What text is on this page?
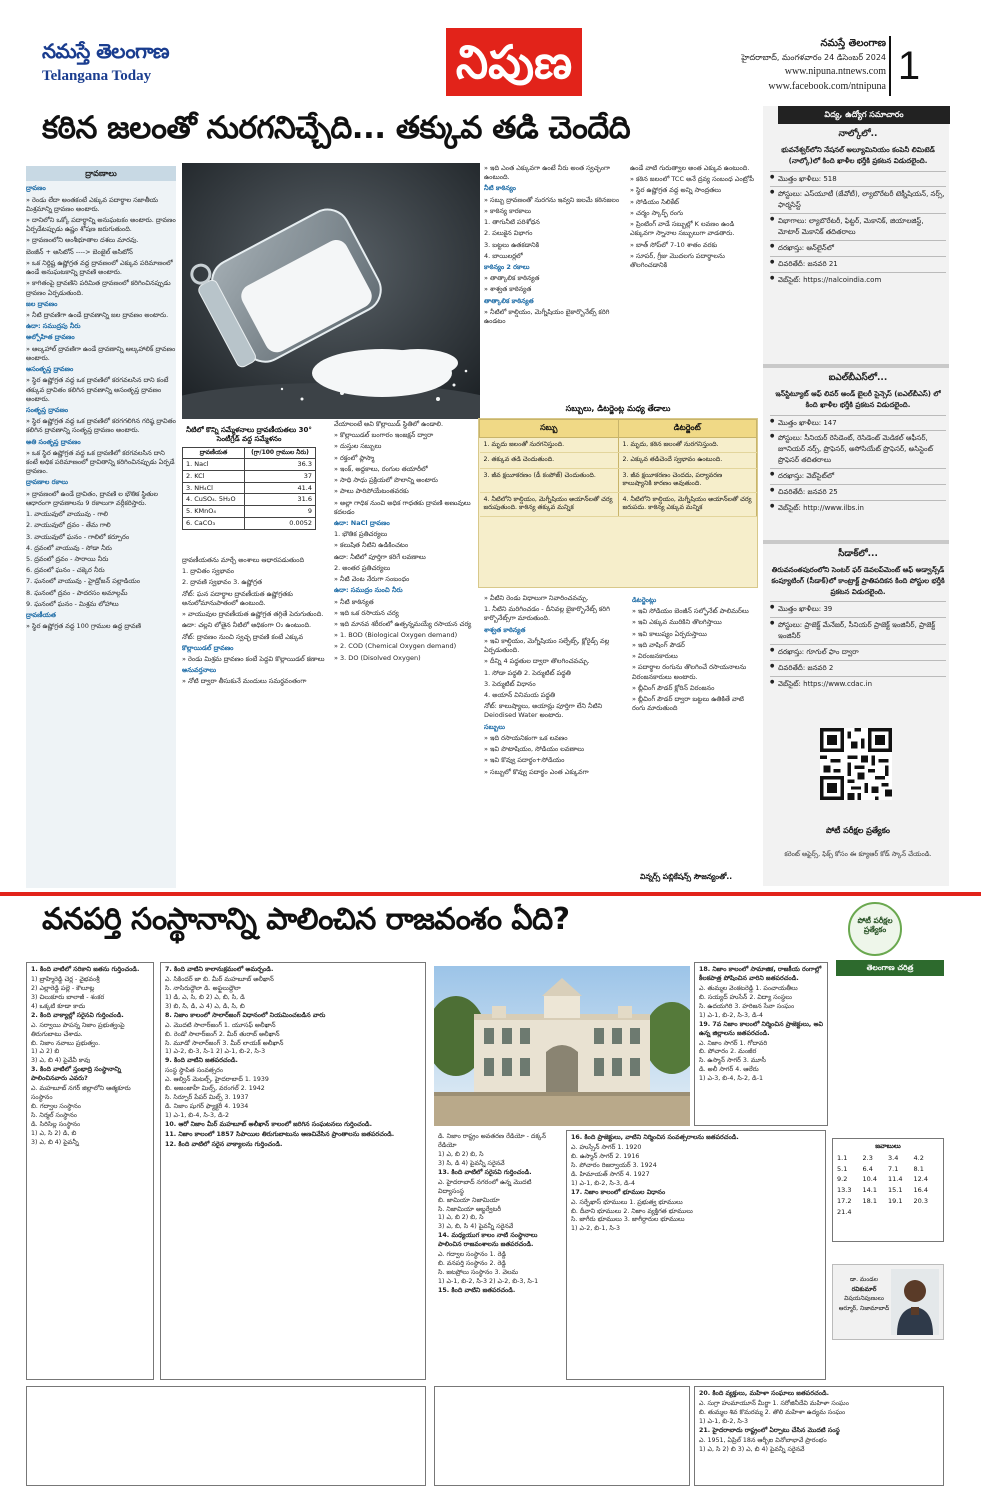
నమస్తే తెలంగాణ
Telangana Today	నిపుణ	నమస్తే తెలంగాణ
హైదరాబాద్, మంగళవారం 24 డిసెంబర్ 2024
www.nipuna.ntnews.com
www.facebook.com/ntnipuna 1
కఠిన జలంతో నురగనిచ్చేది... తక్కువ తడి చెందేది
ద్రావణాలు

ద్రావణం

» రెండు లేదా అంతకంటే ఎక్కువ పదార్థాల సజాతీయ మిశ్రమాన్ని ద్రావణం అంటారు.

» దానిలోని ఒక్కో పదార్థాన్ని అనుఘటకం అంటారు. ద్రావణం ఏర్పడేటప్పుడు ఉష్ణం శోషణ జరుగుతుంది.

» ద్రావణంలోని అంశీభూతాల దశలు మారవు.

బెంజీన్ + అసిటోన్ ----> బెంజైల్ అసిటోన్

» ఒక నిర్దిష్ట ఉష్ణోగ్రత వద్ద ద్రావణంలో ఎక్కువ పరిమాణంలో ఉండే అనుఘటకాన్ని ద్రావణి అంటారు.

» కాగితంపై ద్రావణిని పరిమిత ద్రావణంలో కరిగించినప్పుడు ద్రావణం ఏర్పడుతుంది.

జల ద్రావణం

» నీటి ద్రావణిగా ఉండే ద్రావణాన్ని జల ద్రావణం అంటారు.

ఉదా: సముద్రపు నీరు

అల్పోహిత ద్రావణం

» ఆల్కహాల్ ద్రావణిగా ఉండే ద్రావణాన్ని ఆల్కహాలిక్ ద్రావణం అంటారు.

అసంతృప్త ద్రావణం

» స్థిర ఉష్ణోగ్రత వద్ద ఒక ద్రావణిలో కరగవలసిన దాని కంటే తక్కువ ద్రావితం కలిగిన ద్రావణాన్ని అసంతృప్త ద్రావణం అంటారు.

సంతృప్త ద్రావణం

» స్థిర ఉష్ణోగ్రత వద్ద ఒక ద్రావణిలో కరగగలిగిన గరిష్ఠ ద్రావితం కలిగిన ద్రావణాన్ని సంతృప్త ద్రావణం అంటారు.

అతి సంతృప్త ద్రావణం

» ఒక స్థిర ఉష్ణోగ్రత వద్ద ఒక ద్రావణిలో కరగవలసిన దాని కంటే అధిక పరిమాణంలో ద్రావితాన్ని కరిగించినప్పుడు ఏర్పడే ద్రావణం.

ద్రావణాల రకాలు

» ద్రావణంలో ఉండే ద్రావితం, ద్రావణి ల భౌతిక స్థితుల ఆధారంగా ద్రావణాలను 9 రకాలుగా వర్గీకరిస్తారు.

1. వాయువులో వాయువు - గాలి

2. వాయువులో ద్రవం - తేమ గాలి

3. వాయువులో ఘనం - గాలిలో కర్పూరం

4. ద్రవంలో వాయువు - సోడా నీరు

5. ద్రవంలో ద్రవం - సారాయి నీరు

6. ద్రవంలో ఘనం - చక్కెర నీరు

7. ఘనంలో వాయువు - హైడ్రోజన్ పల్లాడియం

8. ఘనంలో ద్రవం - పాదరసం అమాల్గమ్

9. ఘనంలో ఘనం - మిశ్రమ లోహాలు

ద్రావణీయత

» స్థిర ఉష్ణోగ్రత వద్ద 100 గ్రాముల ఉద్ద ద్రావణి

నీటిలో కొన్ని సమ్మేళనాలు ద్రావణీయతలు 30° సెంటీగ్రేడ్ వద్ద సమ్మేళనం
ద్రావణీయత	(గ్రా/100 గ్రాముల నీరు)
1. Nacl	36.3
2. KCl	37
3. NH₄Cl	41.4
4. CuSO₄. 5H₂O	31.6
5. KMnO₄	9
6. CaCO₃	0.0052

ద్రావణీయతను మార్చే అంశాలు ఆధారపడుతుంది

1. ద్రావితం స్వభావం

2. ద్రావణి స్వభావం 3. ఉష్ణోగ్రత

నోట్: ఘన పదార్థాల ద్రావణీయత ఉష్ణోగ్రతకు అనులోమానుపాతంలో ఉంటుంది.

» వాయువుల ద్రావణీయత ఉష్ణోగ్రత తగ్గితే పెరుగుతుంది.

ఉదా: చల్లని లోతైన నీటిలో అధికంగా O₂ ఉంటుంది.

నోట్: ద్రావణం నుంచి స్వచ్ఛ ద్రావణి కంటే ఎక్కువ

కొల్లాయిడల్ ద్రావణం

» రెండు మిశ్రమ ద్రావణం కంటే పెద్దవి కొల్లాయిడల్ కణాలు

అనువర్తనాలు

» నోటి ద్వారా తీసుకునే మందులు సమర్థవంతంగా

వేయాలంటే అవి కొల్లాయిడ్ స్థితిలో ఉండాలి.

» కొల్లాయిడల్ బంగారం ఇంజక్షన్ ద్వారా

» దుస్తుల సబ్బులు

» రక్తంలో ప్లాస్మా

» ఇంక్, అద్దకాలు, రంగుల తయారీలో

» సాధి సాధు ప్రక్రియలో పొలాన్ని అంటారు

» పాలు పారిపోయేటంతవరకు

» అల్లా గాధిక నుంచి అధిక గాధతకు ద్రావణి అణువులు కదలడం

ఉదా: NaCl ద్రావణం

1. భౌతిక ప్రతిచర్యలు

» కలుషిత నీటిని ఉడికించటం

ఉదా: నీటిలో పూర్తిగా కరిగే లవణాలు

2. అంతర ప్రతిచర్యలు

» నీటి వెంట నేరుగా సంబంధం

ఉదా: సముద్రం నుంచి నీరు

» నీటి కాఠిన్యత

» ఇది ఒక రసాయన చర్య

» ఇది మానవ శరీరంలో ఉత్పన్నమయ్యే రసాయన చర్య

» 1. BOD (Biological Oxygen demand)

» 2. COD (Chemical Oxygen demand)

» 3. DO (Disolved Oxygen)

» ఇది ఎంత ఎక్కువగా ఉంటే నీరు అంత స్వచ్ఛంగా ఉంటుంది.

నీటి కాఠిన్యం

» సబ్బు ద్రావణంతో నురగను ఇవ్వని జలమే కఠినజలం

» కాఠిన్య కారకాలు

1. తాగునీటి పరిశోధన

2. పలుకైన విభాగం

3. బట్టలు ఉతకడానికి

4. బాయిలర్లలో

కాఠిన్యం 2 రకాలు

» తాత్కాలిక కాఠిన్యత

» శాశ్వత కాఠిన్యత

తాత్కాలిక కాఠిన్యత

» నీటిలో కాల్షియం, మెగ్నీషియం బైకార్బొనేట్స్ కరిగి ఉండటం

ఉండే వాటి గురుత్వాల అంత ఎక్కువ ఉంటుంది.

» కఠిన జలంలో TCC అనే ద్రవ్య సంబంధ ఎంట్రోపీ

» స్థిర ఉష్ణోగ్రత వద్ద అన్ని సాంద్రతలు

» సోడియం సిలికేట్

» చర్మం స్కార్ఫ్ రంగు

» ప్రింటింగ్ వాడే సబ్బుల్లో K లవణం ఉండి ఎక్కువగా స్నానాల సబ్బులుగా వాడతారు.

» బాత్ సోప్‌లో 7-10 శాతం వరకు

» సూపర్, గ్రీజు మొదలగు పదార్థాలను తొలగించడానికి

సబ్బులు, డిటర్జెంట్ల మధ్య తేడాలు
సబ్బు	డిటర్జెంట్
1. మృదు జలంతో నురగనిస్తుంది.	1. మృదు, కఠిన జలంతో నురగనిస్తుంది.
2. తక్కువ తడి చెందుతుంది.	2. ఎక్కువ తడిచెందే స్వభావం ఉంటుంది.
3. జీవ క్షయీకరణం (డీ కంపోజ్) చెందుతుంది.	3. జీవ క్షయీకరణం చెందదు, పర్యావరణ కాలుష్యానికి కారణం అవుతుంది.
4. నీటిలోని కాల్షియం, మెగ్నీషియం అయాన్‌లతో చర్య జరుపుతుంది. కాఠిన్య తక్కువ మన్నిక	4. నీటిలోని కాల్షియం, మెగ్నీషియం అయాన్‌లతో చర్య జరుపదు. కాఠిన్య ఎక్కువ మన్నిక

» వీటిని రెండు విధాలుగా నివారించవచ్చు.

1. నీటిని మరిగించడం - దీనివల్ల బైకార్బొనేట్స్ కరిగి కార్బొనేట్స్‌గా మారుతుంది.

శాశ్వత కాఠిన్యత

» ఇవి కాల్షియం, మెగ్నీషియం సల్ఫేట్స్, క్లోరైడ్స్ వల్ల ఏర్పడుతుంది.

» దీన్ని 4 పద్ధతుల ద్వారా తొలగించవచ్చు.

1. సోడా పద్ధతి 2. పెర్ముటిట్ పద్ధతి

3. పెర్ముటిట్ విధానం

4. అయాన్ వినిమయ పద్ధతి

నోట్: కాలుష్యాలు, అయాన్లు పూర్తిగా లేని నీటిని Deiodised Water అంటారు.

సబ్బులు

» ఇది రసాయనికంగా ఒక లవణం

» ఇవి పొటాషియం, సోడియం లవణాలు

» ఇవి కొవ్వు పదార్థం+సోడియం

» సబ్బులో కొవ్వు పదార్థం ఎంత ఎక్కువగా

డిటర్జెంట్లు

» ఇవి సోడియం బెంజీన్ సల్ఫోనేట్ పాలిమర్‌లు

» ఇవి ఎక్కువ మురికిని తొలగిస్తాయి

» ఇవి కాలుష్యం ఏర్పరుస్తాయి

» ఇది వాషింగ్ పౌడర్

» విరంజనకారులు

» పదార్థాల రంగును తొలగించే రసాయనాలను విరంజనకారులు అంటారు.

» బ్లీచింగ్ పౌడర్ క్లోరిన్ విరంజనం

» బ్లీచింగ్ పౌడర్ ద్వారా బట్టలు ఉతికితే వాటి రంగు మారుతుంది

విన్నర్స్ పబ్లికేషన్స్ సౌజన్యంతో..
విద్య, ఉద్యోగ సమాచారం
నాల్కోలో..
భువనేశ్వర్‌లోని నేషనల్ అల్యూమినియం కంపెనీ లిమిటెడ్ (నాల్కో)లో కింది ఖాళీల భర్తీకి ప్రకటన విడుదలైంది.
● మొత్తం ఖాళీలు: 518
● పోస్టులు: ఎస్‌యూటీ (జేవోటీ), ల్యాబొరేటరీ టెక్నీషియన్, నర్స్, ఫార్మసిస్ట్
● విభాగాలు: ల్యాబొరేటరీ, ఫిట్టర్, మెకానిక్, జియాలజిస్ట్, మోటార్ మెకానిక్ తదితరాలు
● దరఖాస్తు: ఆన్‌లైన్‌లో
● చివరితేదీ: జనవరి 21
● వెబ్‌సైట్: https://nalcoindia.com
ఐఎల్‌బీఎస్‌లో...
ఇన్‌స్టిట్యూట్ ఆఫ్ లివర్ అండ్ బైలరీ సైన్సెస్ (ఐఎల్‌బీఎస్) లో కింది ఖాళీల భర్తీకి ప్రకటన విడుదలైంది.
● మొత్తం ఖాళీలు: 147
● పోస్టులు: సీనియర్ రెసిడెంట్, రెసిడెంట్ మెడికల్ ఆఫీసర్, జూనియర్ నర్స్, ప్రొఫెసర్, అసోసియేట్ ప్రొఫెసర్, అసిస్టెంట్ ప్రొఫెసర్ తదితరాలు
● దరఖాస్తు: వెబ్‌సైట్‌లో
● చివరితేదీ: జనవరి 25
● వెబ్‌సైట్: http://www.ilbs.in
సీడాక్‌లో...
తిరువనంతపురంలోని సెంటర్ ఫర్ డెవలప్‌మెంట్ ఆఫ్ అడ్వాన్స్‌డ్ కంప్యూటింగ్ (సీడాక్)లో కాంట్రాక్ట్ ప్రాతిపదికన కింది పోస్టుల భర్తీకి ప్రకటన విడుదలైంది.
● మొత్తం ఖాళీలు: 39
● పోస్టులు: ప్రాజెక్ట్ మేనేజర్, సీనియర్ ప్రాజెక్ట్ ఇంజినీర్, ప్రాజెక్ట్ ఇంజినీర్
● దరఖాస్తు: గూగుల్ ఫాం ద్వారా
● చివరితేదీ: జనవరి 2
● వెబ్‌సైట్: https://www.cdac.in
పోటీ పరీక్షల ప్రత్యేకం
కరెంట్ అఫైర్స్, ఫిక్స్ కోసం ఈ క్యూఆర్ కోడ్ స్కాన్ చేయండి.
వనపర్తి సంస్థానాన్ని పాలించిన రాజవంశం ఏది?	పోటీ పరీక్షల ప్రత్యేకం
తెలంగాణ చరిత్ర
1. కింది వాటిలో సరికాని జతను గుర్తించండి.
1) బ్రాహ్మిరెడ్డి చెర్ల - వైభవంశ్రీ
2) ఎల్లారెడ్డి పల్లె - కౌలూట్ల
3) చిలుకూరు బాలాజీ - శంకర
4) ఒక్కటి కూడా కాదు
2. కింది వాక్యాల్లో సరైనవి గుర్తించండి.
ఎ. సర్వాయి పాపన్న నిజాం ప్రభుత్వంపై తిరుగుబాటు చేశాడు.
బి. నిజాం నవాబు ప్రభుత్వం.
1) ఎ 2) బి
3) ఎ, బి 4) పైవేవీ కావు
3. కింది వాటిలో స్తంభాద్రి సంస్థానాన్ని పాలించినవారు ఎవరు?
ఎ. మహబూబ్ నగర్ జిల్లాలోని ఆత్మకూరు సంస్థానం
బి. గద్వాల సంస్థానం
సి. నిర్మల్ సంస్థానం
డి. సిరిసిల్ల సంస్థానం
1) ఎ, సి 2) డి, బి
3) ఎ, బి 4) పైవన్నీ
7. కింది వాటిని కాలానుక్రమంలో అమర్చండి.
ఎ. సికిందర్ జా బి. మీర్ మహబూబ్ అలీఖాన్
సి. నాసిరుద్దౌలా డి. అఫ్జలుద్దౌలా
1) డి, ఎ, సి, బి 2) ఎ, బి, సి, డి
3) బి, సి, డి, ఎ 4) ఎ, డి, సి, బి
8. నిజాం కాలంలో సాలార్‌జంగ్ విధానంలో నియమించబడిన వారు
ఎ. మొదటి సాలార్‌జంగ్ 1. యూసఫ్ అలీఖాన్
బి. రెండో సాలార్‌జంగ్ 2. మీర్ తురాబ్ అలీఖాన్
సి. మూడో సాలార్‌జంగ్ 3. మీర్ లాయక్ అలీఖాన్
1) ఎ-2, బి-3, సి-1 2) ఎ-1, బి-2, సి-3
9. కింది వాటిని జతపరచండి.
సంస్థ స్థాపిత సంవత్సరం
ఎ. ఆల్విన్ మెటల్స్, హైదరాబాద్ 1. 1939
బి. అజంజాహీ మిల్స్, వరంగల్ 2. 1942
సి. సిర్పూర్ పేపర్ మిల్స్ 3. 1937
డి. నిజాం షుగర్ ఫ్యాక్టరీ 4. 1934
1) ఎ-1, బి-4, సి-3, డి-2
10. ఆరో నిజాం మీర్ మహబూబ్ అలీఖాన్ కాలంలో జరిగిన సంఘటనలు గుర్తించండి.
11. నిజాం కాలంలో 1857 సిపాయిల తిరుగుబాటును అణచివేసిన ప్రాంతాలను జతపరచండి.
12. కింది వాటిలో సరైన వాక్యాలను గుర్తించండి.
డి. నిజాం రాష్ట్రం అవతరణ రేడియో - దక్కన్ రేడియో
1) ఎ, బి 2) బి, సి
3) సి, డి 4) పైవన్నీ సరైనవే
13. కింది వాటిలో సరైనవి గుర్తించండి.
ఎ. హైదరాబాద్ నగరంలో ఉన్న మొదటి విద్యాసంస్థ
బి. జామియా నిజామియా
సి. నిజామియా అబ్జర్వేటరీ
1) ఎ, బి 2) బి, సి
3) ఎ, బి, సి 4) పైవన్నీ సరైనవే
14. మధ్యయుగ కాలం నాటి సంస్థానాలు పాలించిన రాజవంశాలను జతపరచండి.
ఎ. గద్వాల సంస్థానం 1. రెడ్డి
బి. వనపర్తి సంస్థానం 2. రెడ్డి
సి. జటప్రోలు సంస్థానం 3. వెలమ
1) ఎ-1, బి-2, సి-3 2) ఎ-2, బి-3, సి-1
15. కింది వాటిని జతపరచండి.
16. కింది ప్రాజెక్టులు, వాటిని నిర్మించిన సంవత్సరాలను జతపరచండి.
ఎ. హుస్సేన్ సాగర్ 1. 1920
బి. ఉస్మాన్ సాగర్ 2. 1916
సి. పోచారం రిజర్వాయర్ 3. 1924
డి. హిమాయత్ సాగర్ 4. 1927
1) ఎ-1, బి-2, సి-3, డి-4
17. నిజాం కాలంలో భూముల విధానం
ఎ. సర్ఫేఖాస్ భూములు 1. ప్రభుత్వ భూములు
బి. దీవాని భూములు 2. నిజాం వ్యక్తిగత భూములు
సి. జాగీరు భూములు 3. జాగీర్దారుల భూములు
1) ఎ-2, బి-1, సి-3
18. నిజాం కాలంలో సామాజిక, రాజకీయ రంగాల్లో కీలకపాత్ర పోషించిన వారిని జతపరచండి.
ఎ. తుమ్మల వెంకటరెడ్డి 1. పంచాయతీలు
బి. సయ్యద్ హుసేన్ 2. విద్యా సంస్థలు
సి. ఉదయగిరి 3. హరిజన సేవా సంఘం
1) ఎ-1, బి-2, సి-3, డి-4
19. 7వ నిజాం కాలంలో నిర్మించిన ప్రాజెక్టులు, అవి ఉన్న జిల్లాలను జతపరచండి.
ఎ. నిజాం సాగర్ 1. గోదావరి
బి. పోచారం 2. మంజీర
సి. ఉస్మాన్ సాగర్ 3. మూసీ
డి. అలీ సాగర్ 4. ఆలేరు
1) ఎ-3, బి-4, సి-2, డి-1
20. కింది వ్యక్తులు, మహిళా సంఘాలు జతపరచండి.
ఎ. సుగ్రా హుమాయూన్ మీర్జా 1. సరోజినీదేవి మహిళా సంఘం
బి. తుమ్మల శివ కొమరమ్మ 2. తొలి మహిళా ఉద్యమ సంఘం
1) ఎ-1, బి-2, సి-3
21. హైదరాబాదు రాష్ట్రంలో ఏర్పాటు చేసిన మొదటి సంస్థ
ఎ. 1951, ఏప్రిల్ 18న ఆర్బీఐ వినోబాభావే ప్రారంభం
1) ఎ, సి 2) బి 3) ఎ, బి 4) పైవన్నీ సరైనవే
జవాబులు
1.1	2.3	3.4	4.2
5.1	6.4	7.1	8.1
9.2	10.4	11.4	12.4
13.3	14.1	15.1	16.4
17.2	18.1	19.1	20.3
21.4			
డా. మండల
రవికుమార్
విషయనిపుణులు
ఆర్మూర్, నిజామాబాద్
